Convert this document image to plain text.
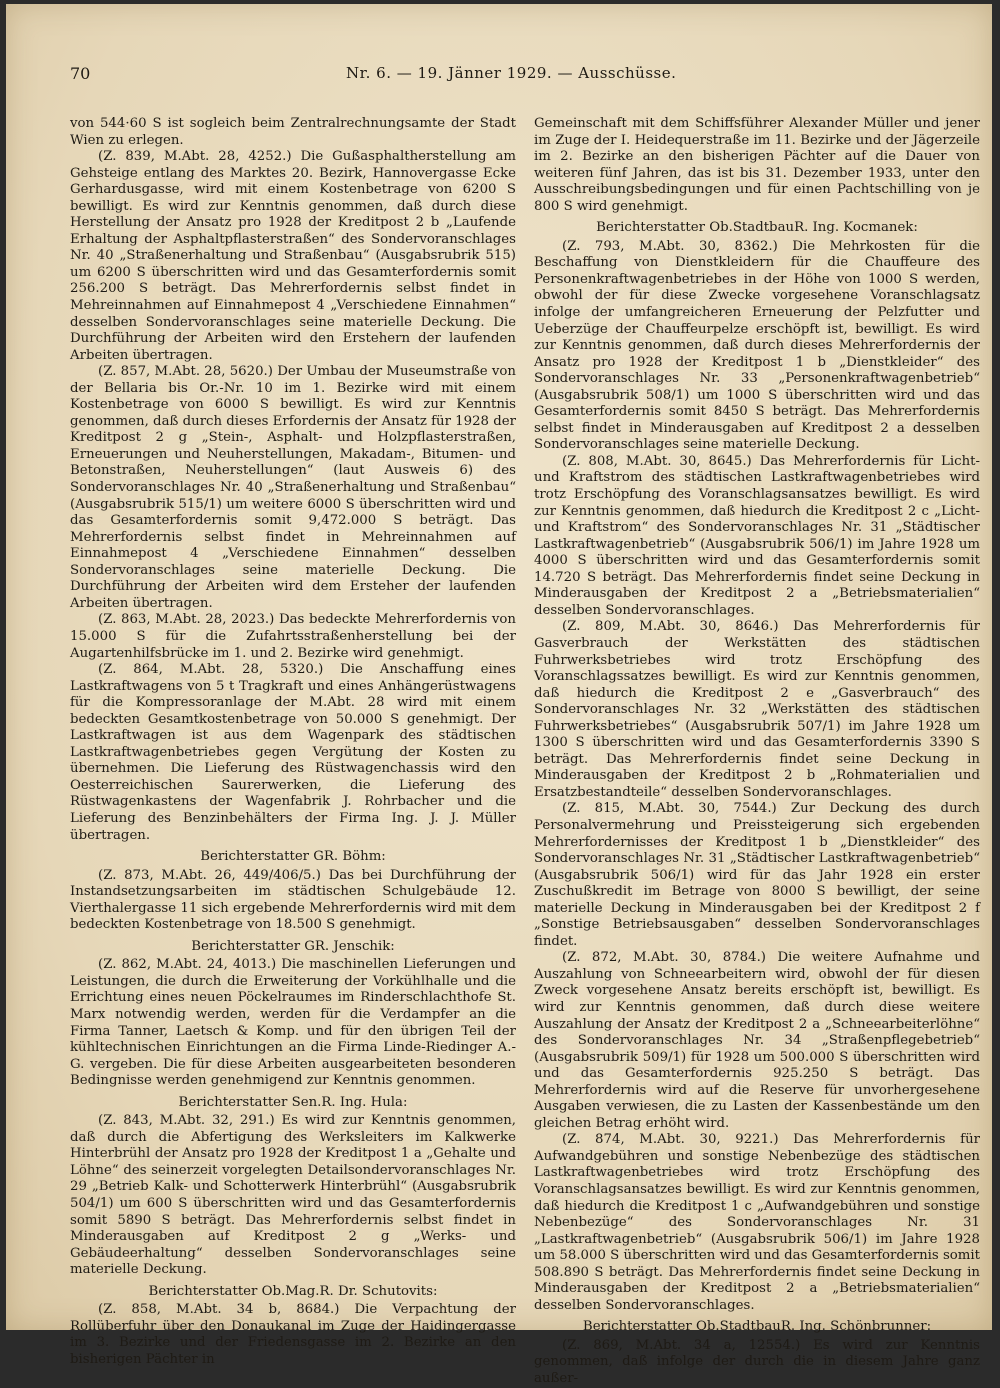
70	Nr. 6. — 19. Jänner 1929. — Ausschüsse.

von 544·60 S ist sogleich beim Zentralrechnungsamte der Stadt Wien zu erlegen.

(Z. 839, M.Abt. 28, 4252.) Die Gußasphaltherstellung am Gehsteige entlang des Marktes 20. Bezirk, Hannovergasse Ecke Gerhardusgasse, wird mit einem Kostenbetrage von 6200 S bewilligt. Es wird zur Kenntnis genommen, daß durch diese Herstellung der Ansatz pro 1928 der Kreditpost 2 b „Laufende Erhaltung der Asphaltpflasterstraßen“ des Sondervoranschlages Nr. 40 „Straßenerhaltung und Straßenbau“ (Ausgabsrubrik 515) um 6200 S überschritten wird und das Gesamterfordernis somit 256.200 S beträgt. Das Mehrerfordernis selbst findet in Mehreinnahmen auf Einnahmepost 4 „Verschiedene Einnahmen“ desselben Sondervoranschlages seine materielle Deckung. Die Durchführung der Arbeiten wird den Erstehern der laufenden Arbeiten übertragen.

(Z. 857, M.Abt. 28, 5620.) Der Umbau der Museumstraße von der Bellaria bis Or.-Nr. 10 im 1. Bezirke wird mit einem Kostenbetrage von 6000 S bewilligt. Es wird zur Kenntnis genommen, daß durch dieses Erfordernis der Ansatz für 1928 der Kreditpost 2 g „Stein-, Asphalt- und Holzpflasterstraßen, Erneuerungen und Neuherstellungen, Makadam-, Bitumen- und Betonstraßen, Neuherstellungen“ (laut Ausweis 6) des Sondervoranschlages Nr. 40 „Straßenerhaltung und Straßenbau“ (Ausgabsrubrik 515/1) um weitere 6000 S überschritten wird und das Gesamterfordernis somit 9,472.000 S beträgt. Das Mehrerfordernis selbst findet in Mehreinnahmen auf Einnahmepost 4 „Verschiedene Einnahmen“ desselben Sondervoranschlages seine materielle Deckung. Die Durchführung der Arbeiten wird dem Ersteher der laufenden Arbeiten übertragen.

(Z. 863, M.Abt. 28, 2023.) Das bedeckte Mehrerfordernis von 15.000 S für die Zufahrtsstraßenherstellung bei der Augartenhilfsbrücke im 1. und 2. Bezirke wird genehmigt.

(Z. 864, M.Abt. 28, 5320.) Die Anschaffung eines Lastkraftwagens von 5 t Tragkraft und eines Anhängerüstwagens für die Kompressoranlage der M.Abt. 28 wird mit einem bedeckten Gesamtkostenbetrage von 50.000 S genehmigt. Der Lastkraftwagen ist aus dem Wagenpark des städtischen Lastkraftwagenbetriebes gegen Vergütung der Kosten zu übernehmen. Die Lieferung des Rüstwagenchassis wird den Oesterreichischen Saurerwerken, die Lieferung des Rüstwagenkastens der Wagenfabrik J. Rohrbacher und die Lieferung des Benzinbehälters der Firma Ing. J. J. Müller übertragen.

Berichterstatter GR. Böhm:

(Z. 873, M.Abt. 26, 449/406/5.) Das bei Durchführung der Instandsetzungsarbeiten im städtischen Schulgebäude 12. Vierthalergasse 11 sich ergebende Mehrerfordernis wird mit dem bedeckten Kostenbetrage von 18.500 S genehmigt.

Berichterstatter GR. Jenschik:

(Z. 862, M.Abt. 24, 4013.) Die maschinellen Lieferungen und Leistungen, die durch die Erweiterung der Vorkühlhalle und die Errichtung eines neuen Pöckelraumes im Rinderschlachthofe St. Marx notwendig werden, werden für die Verdampfer an die Firma Tanner, Laetsch & Komp. und für den übrigen Teil der kühltechnischen Einrichtungen an die Firma Linde-Riedinger A.-G. vergeben. Die für diese Arbeiten ausgearbeiteten besonderen Bedingnisse werden genehmigend zur Kenntnis genommen.

Berichterstatter Sen.R. Ing. Hula:

(Z. 843, M.Abt. 32, 291.) Es wird zur Kenntnis genommen, daß durch die Abfertigung des Werksleiters im Kalkwerke Hinterbrühl der Ansatz pro 1928 der Kreditpost 1 a „Gehalte und Löhne“ des seinerzeit vorgelegten Detailsondervoranschlages Nr. 29 „Betrieb Kalk- und Schotterwerk Hinterbrühl“ (Ausgabsrubrik 504/1) um 600 S überschritten wird und das Gesamterfordernis somit 5890 S beträgt. Das Mehrerfordernis selbst findet in Minderausgaben auf Kreditpost 2 g „Werks- und Gebäudeerhaltung“ desselben Sondervoranschlages seine materielle Deckung.

Berichterstatter Ob.Mag.R. Dr. Schutovits:

(Z. 858, M.Abt. 34 b, 8684.) Die Verpachtung der Rollüberfuhr über den Donaukanal im Zuge der Haidingergasse im 3. Bezirke und der Friedensgasse im 2. Bezirke an den bisherigen Pächter in

Gemeinschaft mit dem Schiffsführer Alexander Müller und jener im Zuge der I. Heidequerstraße im 11. Bezirke und der Jägerzeile im 2. Bezirke an den bisherigen Pächter auf die Dauer von weiteren fünf Jahren, das ist bis 31. Dezember 1933, unter den Ausschreibungsbedingungen und für einen Pachtschilling von je 800 S wird genehmigt.

Berichterstatter Ob.StadtbauR. Ing. Kocmanek:

(Z. 793, M.Abt. 30, 8362.) Die Mehrkosten für die Beschaffung von Dienstkleidern für die Chauffeure des Personenkraftwagenbetriebes in der Höhe von 1000 S werden, obwohl der für diese Zwecke vorgesehene Voranschlagsatz infolge der umfangreicheren Erneuerung der Pelzfutter und Ueberzüge der Chauffeurpelze erschöpft ist, bewilligt. Es wird zur Kenntnis genommen, daß durch dieses Mehrerfordernis der Ansatz pro 1928 der Kreditpost 1 b „Dienstkleider“ des Sondervoranschlages Nr. 33 „Personenkraftwagenbetrieb“ (Ausgabsrubrik 508/1) um 1000 S überschritten wird und das Gesamterfordernis somit 8450 S beträgt. Das Mehrerfordernis selbst findet in Minderausgaben auf Kreditpost 2 a desselben Sondervoranschlages seine materielle Deckung.

(Z. 808, M.Abt. 30, 8645.) Das Mehrerfordernis für Licht- und Kraftstrom des städtischen Lastkraftwagenbetriebes wird trotz Erschöpfung des Voranschlagsansatzes bewilligt. Es wird zur Kenntnis genommen, daß hiedurch die Kreditpost 2 c „Licht- und Kraftstrom“ des Sondervoranschlages Nr. 31 „Städtischer Lastkraftwagenbetrieb“ (Ausgabsrubrik 506/1) im Jahre 1928 um 4000 S überschritten wird und das Gesamterfordernis somit 14.720 S beträgt. Das Mehrerfordernis findet seine Deckung in Minderausgaben der Kreditpost 2 a „Betriebsmaterialien“ desselben Sondervoranschlages.

(Z. 809, M.Abt. 30, 8646.) Das Mehrerfordernis für Gasverbrauch der Werkstätten des städtischen Fuhrwerksbetriebes wird trotz Erschöpfung des Voranschlagssatzes bewilligt. Es wird zur Kenntnis genommen, daß hiedurch die Kreditpost 2 e „Gasverbrauch“ des Sondervoranschlages Nr. 32 „Werkstätten des städtischen Fuhrwerksbetriebes“ (Ausgabsrubrik 507/1) im Jahre 1928 um 1300 S überschritten wird und das Gesamterfordernis 3390 S beträgt. Das Mehrerfordernis findet seine Deckung in Minderausgaben der Kreditpost 2 b „Rohmaterialien und Ersatzbestandteile“ desselben Sondervoranschlages.

(Z. 815, M.Abt. 30, 7544.) Zur Deckung des durch Personalvermehrung und Preissteigerung sich ergebenden Mehrerfordernisses der Kreditpost 1 b „Dienstkleider“ des Sondervoranschlages Nr. 31 „Städtischer Lastkraftwagenbetrieb“ (Ausgabsrubrik 506/1) wird für das Jahr 1928 ein erster Zuschußkredit im Betrage von 8000 S bewilligt, der seine materielle Deckung in Minderausgaben bei der Kreditpost 2 f „Sonstige Betriebsausgaben“ desselben Sondervoranschlages findet.

(Z. 872, M.Abt. 30, 8784.) Die weitere Aufnahme und Auszahlung von Schneearbeitern wird, obwohl der für diesen Zweck vorgesehene Ansatz bereits erschöpft ist, bewilligt. Es wird zur Kenntnis genommen, daß durch diese weitere Auszahlung der Ansatz der Kreditpost 2 a „Schneearbeiterlöhne“ des Sondervoranschlages Nr. 34 „Straßenpflegebetrieb“ (Ausgabsrubrik 509/1) für 1928 um 500.000 S überschritten wird und das Gesamterfordernis 925.250 S beträgt. Das Mehrerfordernis wird auf die Reserve für unvorhergesehene Ausgaben verwiesen, die zu Lasten der Kassenbestände um den gleichen Betrag erhöht wird.

(Z. 874, M.Abt. 30, 9221.) Das Mehrerfordernis für Aufwandgebühren und sonstige Nebenbezüge des städtischen Lastkraftwagenbetriebes wird trotz Erschöpfung des Voranschlagsansatzes bewilligt. Es wird zur Kenntnis genommen, daß hiedurch die Kreditpost 1 c „Aufwandgebühren und sonstige Nebenbezüge“ des Sondervoranschlages Nr. 31 „Lastkraftwagenbetrieb“ (Ausgabsrubrik 506/1) im Jahre 1928 um 58.000 S überschritten wird und das Gesamterfordernis somit 508.890 S beträgt. Das Mehrerfordernis findet seine Deckung in Minderausgaben der Kreditpost 2 a „Betriebsmaterialien“ desselben Sondervoranschlages.

Berichterstatter Ob.StadtbauR. Ing. Schönbrunner:

(Z. 869, M.Abt. 34 a, 12554.) Es wird zur Kenntnis genommen, daß infolge der durch die in diesem Jahre ganz außer-
